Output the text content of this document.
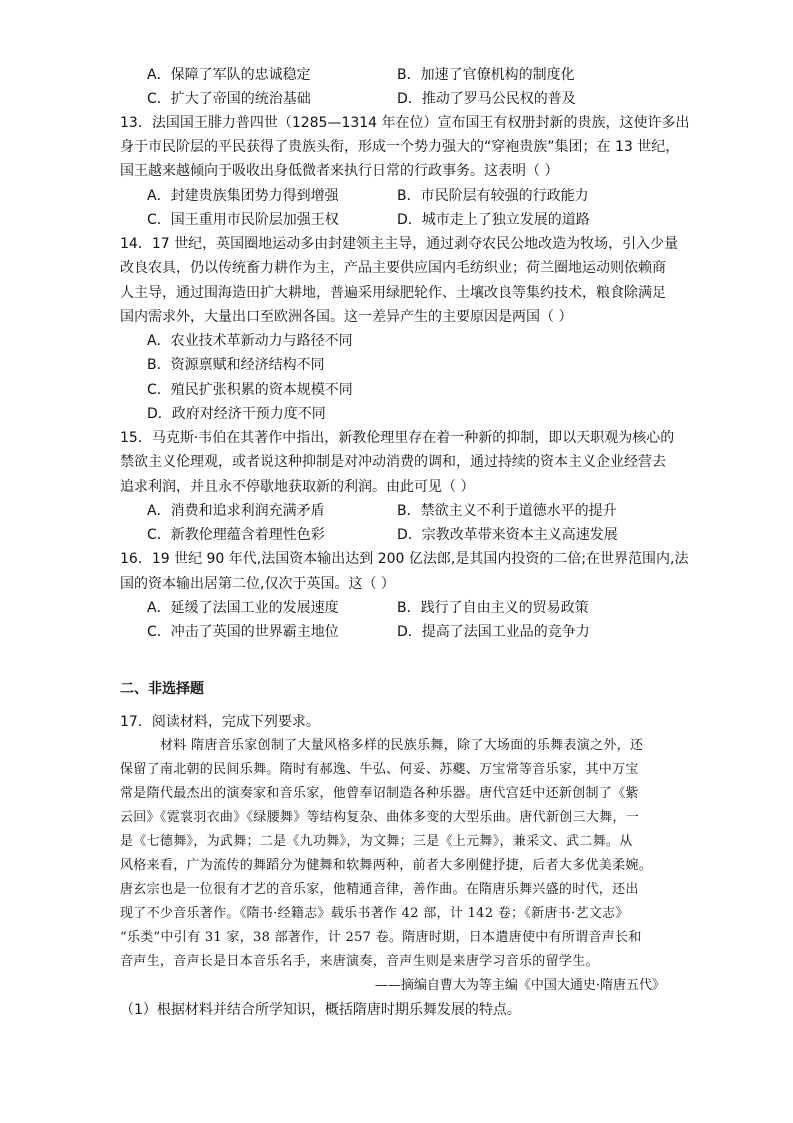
A．保障了军队的忠诚稳定	B．加速了官僚机构的制度化
C．扩大了帝国的统治基础	D．推动了罗马公民权的普及
13．法国国王腓力普四世（1285—1314 年在位）宣布国王有权册封新的贵族，这使许多出
身于市民阶层的平民获得了贵族头衔，形成一个势力强大的“穿袍贵族”集团；在 13 世纪，
国王越来越倾向于吸收出身低微者来执行日常的行政事务。这表明（ ）
A．封建贵族集团势力得到增强	B．市民阶层有较强的行政能力
C．国王重用市民阶层加强王权	D．城市走上了独立发展的道路
14．17 世纪，英国圈地运动多由封建领主主导，通过剥夺农民公地改造为牧场，引入少量
改良农具，仍以传统畜力耕作为主，产品主要供应国内毛纺织业；荷兰圈地运动则依赖商
人主导，通过围海造田扩大耕地，普遍采用绿肥轮作、土壤改良等集约技术，粮食除满足
国内需求外，大量出口至欧洲各国。这一差异产生的主要原因是两国（ ）
A．农业技术革新动力与路径不同
B．资源禀赋和经济结构不同
C．殖民扩张积累的资本规模不同
D．政府对经济干预力度不同
15．马克斯·韦伯在其著作中指出，新教伦理里存在着一种新的抑制，即以天职观为核心的
禁欲主义伦理观，或者说这种抑制是对冲动消费的调和，通过持续的资本主义企业经营去
追求利润，并且永不停歇地获取新的利润。由此可见（ ）
A．消费和追求利润充满矛盾	B．禁欲主义不利于道德水平的提升
C．新教伦理蕴含着理性色彩	D．宗教改革带来资本主义高速发展
16．19 世纪 90 年代,法国资本输出达到 200 亿法郎,是其国内投资的二倍;在世界范围内,法
国的资本输出居第二位,仅次于英国。这（ ）
A．延缓了法国工业的发展速度	B．践行了自由主义的贸易政策
C．冲击了英国的世界霸主地位	D．提高了法国工业品的竞争力
二、非选择题
17．阅读材料，完成下列要求。
材料 隋唐音乐家创制了大量风格多样的民族乐舞，除了大场面的乐舞表演之外，还
保留了南北朝的民间乐舞。隋时有郝逸、牛弘、何妥、苏夔、万宝常等音乐家，其中万宝
常是隋代最杰出的演奏家和音乐家，他曾奉诏制造各种乐器。唐代宫廷中还新创制了《紫
云回》《霓裳羽衣曲》《绿腰舞》等结构复杂、曲体多变的大型乐曲。唐代新创三大舞，一
是《七德舞》，为武舞；二是《九功舞》，为文舞；三是《上元舞》，兼采文、武二舞。从
风格来看，广为流传的舞蹈分为健舞和软舞两种，前者大多刚健抒捷，后者大多优美柔婉。
唐玄宗也是一位很有才艺的音乐家，他精通音律，善作曲。在隋唐乐舞兴盛的时代，还出
现了不少音乐著作。《隋书·经籍志》载乐书著作 42 部，计 142 卷；《新唐书·艺文志》
“乐类”中引有 31 家，38 部著作，计 257 卷。隋唐时期，日本遣唐使中有所谓音声长和
音声生，音声长是日本音乐名手，来唐演奏，音声生则是来唐学习音乐的留学生。
——摘编自曹大为等主编《中国大通史·隋唐五代》
（1）根据材料并结合所学知识，概括隋唐时期乐舞发展的特点。
